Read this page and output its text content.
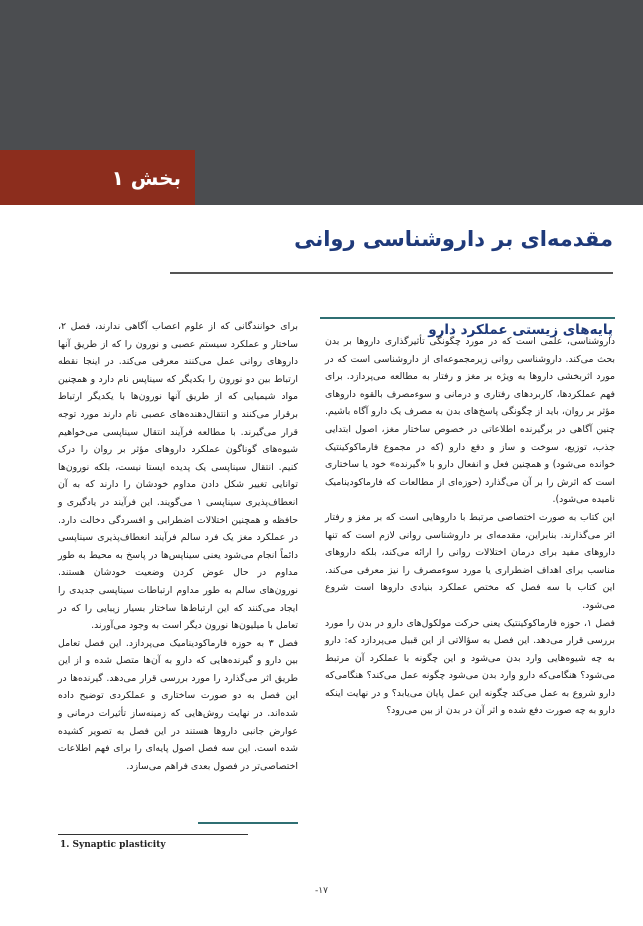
بخش ۱
مقدمه‌ای بر داروشناسی روانی
پایه‌های زیستی عملکرد دارو

داروشناسی، علمی است که در مورد چگونگی تأثیرگذاری داروها بر بدن بحث می‌کند. داروشناسی روانی زیرمجموعه‌ای از داروشناسی است که در مورد اثربخشی داروها به ویژه بر مغز و رفتار به مطالعه می‌پردازد. برای فهم عملکردها، کاربردهای رفتاری و درمانی و سوءمصرف بالقوه داروهای مؤثر بر روان، باید از چگونگی پاسخ‌های بدن به مصرف یک دارو آگاه باشیم. چنین آگاهی در برگیرنده اطلاعاتی در خصوص ساختار مغز، اصول ابتدایی جذب، توزیع، سوخت و ساز و دفع دارو (که در مجموع فارماکوکینتیک خوانده می‌شود) و همچنین فعل و انفعال دارو با «گیرنده» خود یا ساختاری است که اثرش را بر آن می‌گذارد (حوزه‌ای از مطالعات که فارماکودینامیک نامیده می‌شود).

این کتاب به صورت اختصاصی مرتبط با داروهایی است که بر مغز و رفتار اثر می‌گذارند. بنابراین، مقدمه‌ای بر داروشناسی روانی لازم است که تنها داروهای مفید برای درمان اختلالات روانی را ارائه می‌کند، بلکه داروهای مناسب برای اهداف اضطراری یا مورد سوءمصرف را نیز معرفی می‌کند. این کتاب با سه فصل که مختص عملکرد بنیادی داروها است شروع می‌شود.

فصل ۱، حوزه فارماکوکینتیک یعنی حرکت مولکول‌های دارو در بدن را مورد بررسی قرار می‌دهد. این فصل به سؤالاتی از این قبیل می‌پردازد که: دارو به چه شیوه‌هایی وارد بدن می‌شود و این چگونه با عملکرد آن مرتبط می‌شود؟ هنگامی‌که دارو وارد بدن می‌شود چگونه عمل می‌کند؟ هنگامی‌که دارو شروع به عمل می‌کند چگونه این عمل پایان می‌یابد؟ و در نهایت اینکه دارو به چه صورت دفع شده و اثر آن در بدن از بین می‌رود؟

برای خوانندگانی که از علوم اعصاب آگاهی ندارند، فصل ۲، ساختار و عملکرد سیستم عصبی و نورون را که از طریق آنها داروهای روانی عمل می‌کنند معرفی می‌کند. در اینجا نقطه ارتباط بین دو نورون را بکدیگر که سیناپس نام دارد و همچنین مواد شیمیایی که از طریق آنها نورون‌ها با یکدیگر ارتباط برقرار می‌کنند و انتقال‌دهنده‌های عصبی نام دارند مورد توجه قرار می‌گیرند. با مطالعه فرآیند انتقال سیناپسی می‌خواهیم شیوه‌های گوناگون عملکرد داروهای مؤثر بر روان را درک کنیم. انتقال سیناپسی یک پدیده ایستا نیست، بلکه نورون‌ها توانایی تغییر شکل دادن مداوم خودشان را دارند که به آن انعطاف‌پذیری سیناپسی ۱ می‌گویند. این فرآیند در یادگیری و حافظه و همچنین اختلالات اضطرابی و افسردگی دخالت دارد. در عملکرد مغز یک فرد سالم فرآیند انعطاف‌پذیری سیناپسی دائماً انجام می‌شود یعنی سیناپس‌ها در پاسخ به محیط به طور مداوم در حال عوض کردن وضعیت خودشان هستند. نورون‌های سالم به طور مداوم ارتباطات سیناپسی جدیدی را ایجاد می‌کنند که این ارتباط‌ها ساختار بسیار زیبایی را که در تعامل با میلیون‌ها نورون دیگر است به وجود می‌آورند.

فصل ۳ به حوزه فارماکودینامیک می‌پردازد. این فصل تعامل بین دارو و گیرنده‌هایی که دارو به آن‌ها متصل شده و از این طریق اثر می‌گذارد را مورد بررسی قرار می‌دهد. گیرنده‌ها در این فصل به دو صورت ساختاری و عملکردی توضیح داده شده‌اند. در نهایت روش‌هایی که زمینه‌ساز تأثیرات درمانی و عوارض جانبی داروها هستند در این فصل به تصویر کشیده شده است. این سه فصل اصول پایه‌ای را برای فهم اطلاعات اختصاصی‌تر در فصول بعدی فراهم می‌سازد.

1. Synaptic plasticity
۱۷-
